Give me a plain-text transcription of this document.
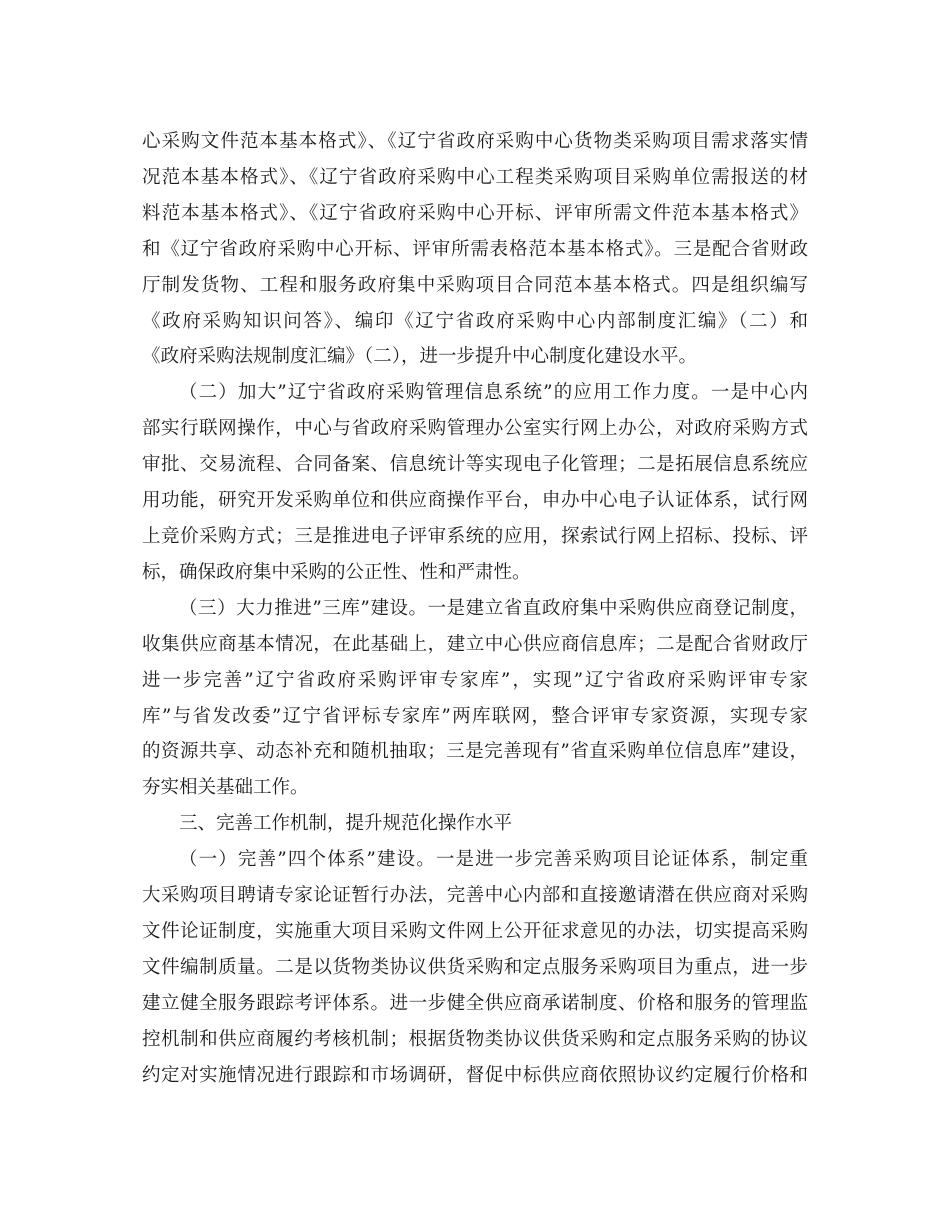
心采购文件范本基本格式》、《辽宁省政府采购中心货物类采购项目需求落实情
况范本基本格式》、《辽宁省政府采购中心工程类采购项目采购单位需报送的材
料范本基本格式》、《辽宁省政府采购中心开标、评审所需文件范本基本格式》
和《辽宁省政府采购中心开标、评审所需表格范本基本格式》。三是配合省财政
厅制发货物、工程和服务政府集中采购项目合同范本基本格式。四是组织编写
《政府采购知识问答》、编印《辽宁省政府采购中心内部制度汇编》（二）和
《政府采购法规制度汇编》（二），进一步提升中心制度化建设水平。
（二）加大”辽宁省政府采购管理信息系统”的应用工作力度。一是中心内
部实行联网操作，中心与省政府采购管理办公室实行网上办公，对政府采购方式
审批、交易流程、合同备案、信息统计等实现电子化管理；二是拓展信息系统应
用功能，研究开发采购单位和供应商操作平台，申办中心电子认证体系，试行网
上竞价采购方式；三是推进电子评审系统的应用，探索试行网上招标、投标、评
标，确保政府集中采购的公正性、性和严肃性。
（三）大力推进”三库”建设。一是建立省直政府集中采购供应商登记制度，
收集供应商基本情况，在此基础上，建立中心供应商信息库；二是配合省财政厅
进一步完善”辽宁省政府采购评审专家库”，实现”辽宁省政府采购评审专家
库”与省发改委”辽宁省评标专家库”两库联网，整合评审专家资源，实现专家
的资源共享、动态补充和随机抽取；三是完善现有”省直采购单位信息库”建设，
夯实相关基础工作。
三、完善工作机制，提升规范化操作水平
（一）完善”四个体系”建设。一是进一步完善采购项目论证体系，制定重
大采购项目聘请专家论证暂行办法，完善中心内部和直接邀请潜在供应商对采购
文件论证制度，实施重大项目采购文件网上公开征求意见的办法，切实提高采购
文件编制质量。二是以货物类协议供货采购和定点服务采购项目为重点，进一步
建立健全服务跟踪考评体系。进一步健全供应商承诺制度、价格和服务的管理监
控机制和供应商履约考核机制；根据货物类协议供货采购和定点服务采购的协议
约定对实施情况进行跟踪和市场调研，督促中标供应商依照协议约定履行价格和
